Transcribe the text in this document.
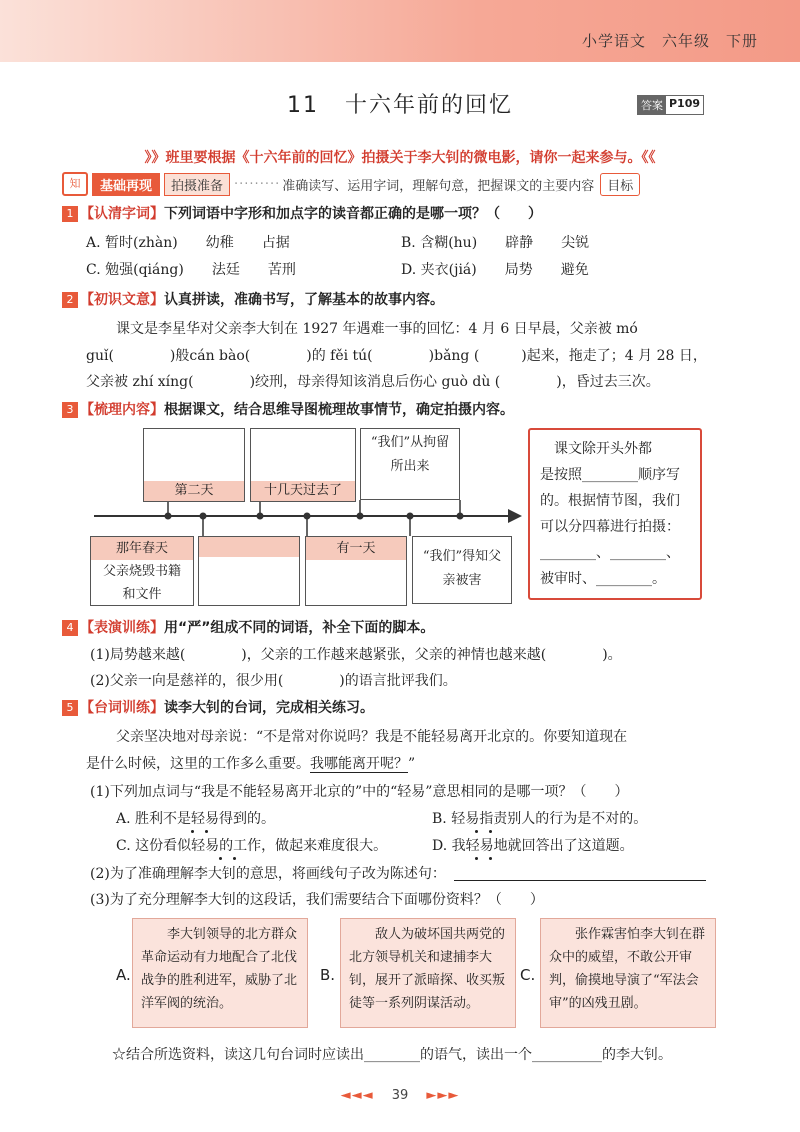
小学语文　六年级　下册
11 十六年前的回忆	答案 P109
》》班里要根据《十六年前的回忆》拍摄关于李大钊的微电影，请你一起来参与。《《
知	基础再现	拍摄准备 ········· 准确读写、运用字词，理解句意，把握课文的主要内容	目标
1 【认清字词】下列词语中字形和加点字的读音都正确的是哪一项？（　　）
A. 暂时(zhàn)　　幼稚　　占据	B. 含糊(hu)　　辟静　　尖锐
C. 勉强(qiáng)　　法廷　　苦刑	D. 夹衣(jiá)　　局势　　避免
2 【初识文意】认真拼读，准确书写，了解基本的故事内容。
课文是李星华对父亲李大钊在 1927 年遇难一事的回忆：4 月 6 日早晨，父亲被 mó
guǐ(　　　　)般cán bào(　　　　)的 fěi tú(　　　　)bǎng (　　　)起来，拖走了；4 月 28 日，
父亲被 zhí xíng(　　　　)绞刑，母亲得知该消息后伤心 guò dù (　　　　)，昏过去三次。
3 【梳理内容】根据课文，结合思维导图梳理故事情节，确定拍摄内容。
第二天	十几天过去了
“我们”从拘留所出来
那年春天
父亲烧毁书籍和文件
有一天
“我们”得知父亲被害
课文除开头外都
是按照________顺序写
的。根据情节图，我们
可以分四幕进行拍摄：
________、________、
被审时、________。
4 【表演训练】用“严”组成不同的词语，补全下面的脚本。
(1)局势越来越(　　　　)，父亲的工作越来越紧张，父亲的神情也越来越(　　　　)。
(2)父亲一向是慈祥的，很少用(　　　　)的语言批评我们。
5 【台词训练】读李大钊的台词，完成相关练习。
父亲坚决地对母亲说：“不是常对你说吗？我是不能轻易离开北京的。你要知道现在
是什么时候，这里的工作多么重要。我哪能离开呢？”
(1)下列加点词与“我是不能轻易离开北京的”中的“轻易”意思相同的是哪一项？（　　）
A. 胜利不是轻易得到的。	B. 轻易指责别人的行为是不对的。
C. 这份看似轻易的工作，做起来难度很大。	D. 我轻易地就回答出了这道题。
(2)为了准确理解李大钊的意思，将画线句子改为陈述句：
(3)为了充分理解李大钊的这段话，我们需要结合下面哪份资料？（　　）
A.
李大钊领导的北方群众革命运动有力地配合了北伐战争的胜利进军，威胁了北洋军阀的统治。
B.
敌人为破坏国共两党的北方领导机关和逮捕李大钊，展开了派暗探、收买叛徒等一系列阴谋活动。
C.
张作霖害怕李大钊在群众中的威望，不敢公开审判，偷摸地导演了“军法会审”的凶残丑剧。
☆结合所选资料，读这几句台词时应读出________的语气，读出一个__________的李大钊。
◄◄◄ 39 ►►►
